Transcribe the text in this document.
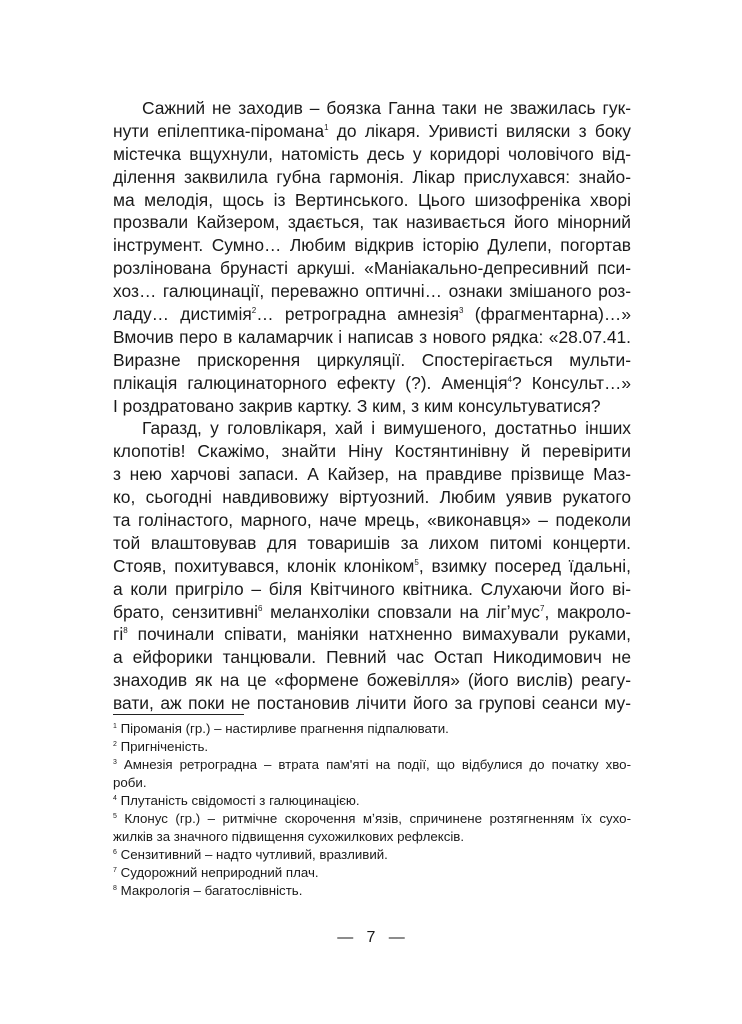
Сажний не заходив – боязка Ганна таки не зважилась гук-
нути епілептика-піромана$^1$ до лікаря. Уривисті виляски з боку
містечка вщухнули, натомість десь у коридорі чоловічого від-
ділення заквилила губна гармонія. Лікар прислухався: знайо-
ма мелодія, щось із Вертинського. Цього шизофреніка хворі
прозвали Кайзером, здається, так називається його мінорний
інструмент. Сумно… Любим відкрив історію Дулепи, погортав
розлінована брунасті аркуші. «Маніакально-депресивний пси-
хоз… галюцинації, переважно оптичні… ознаки змішаного роз-
ладу… дистимія$^2$… ретроградна амнезія$^3$ (фрагментарна)…»
Вмочив перо в каламарчик і написав з нового рядка: «28.07.41.
Виразне прискорення циркуляції. Спостерігається мульти-
плікація галюцинаторного ефекту (?). Аменція$^4$? Консульт…»
І роздратовано закрив картку. З ким, з ким консультуватися?
Гаразд, у головлікаря, хай і вимушеного, достатньо інших
клопотів! Скажімо, знайти Ніну Костянтинівну й перевірити
з нею харчові запаси. А Кайзер, на правдиве прізвище Маз-
ко, сьогодні навдивовижу віртуозний. Любим уявив рукатого
та голінастого, марного, наче мрець, «виконавця» – подеколи
той влаштовував для товаришів за лихом питомі концерти.
Стояв, похитувався, клонік клоніком$^5$, взимку посеред їдальні,
а коли пригріло – біля Квітчиного квітника. Слухаючи його ві-
брато, сензитивні$^6$ меланхоліки сповзали на лігʼмус$^7$, макроло-
$гі^8$ починали співати, маніяки натхненно вимахували руками,
а ейфорики танцювали. Певний час Остап Никодимович не
знаходив як на це «формене божевілля» (його вислів) реагу-
вати, аж поки не постановив лічити його за групові сеанси му-
$^1$ Піроманія (гр.) – настирливе прагнення підпалювати.
$^2$ Пригніченість.
$^3$ Амнезія ретроградна – втрата пам'яті на події, що відбулися до початку хво-
роби.
$^4$ Плутаність свідомості з галюцинацією.
$^5$ Клонус (гр.) – ритмічне скорочення мʼязів, спричинене розтягненням їх сухо-
жилків за значного підвищення сухожилкових рефлексів.
$^6$ Сензитивний – надто чутливий, вразливий.
$^7$ Судорожний неприродний плач.
$^8$ Макрологія – багатослівність.
—   7   —
